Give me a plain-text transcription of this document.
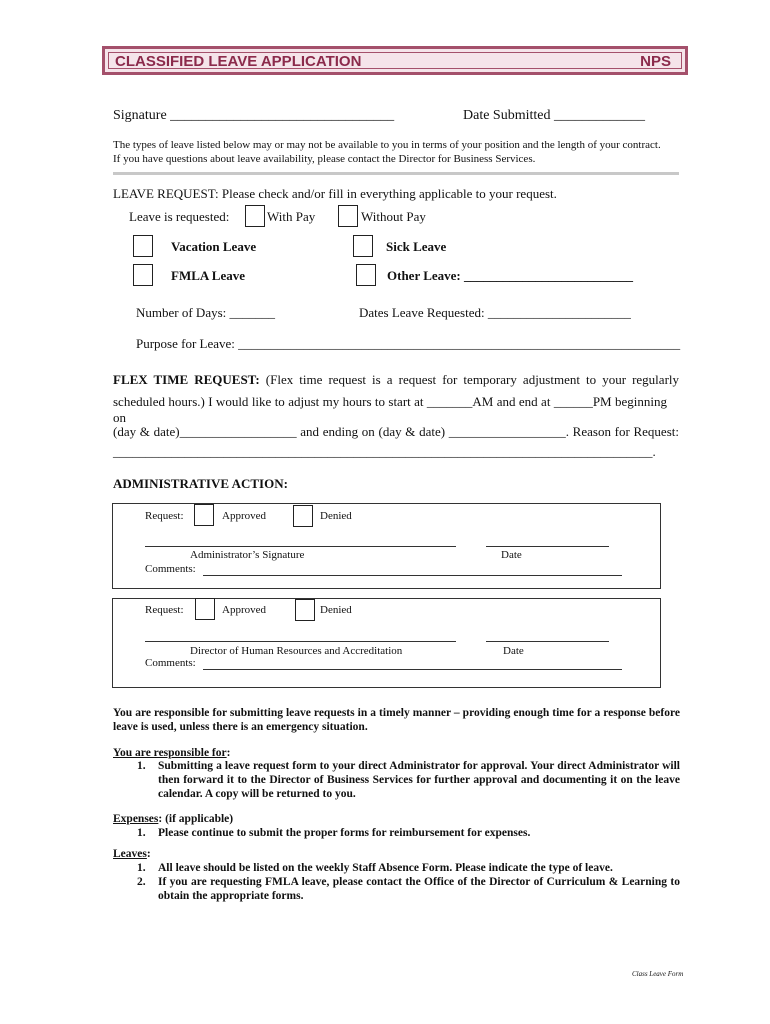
CLASSIFIED LEAVE APPLICATION	NPS
Signature ________________________________	Date Submitted _____________
The types of leave listed below may or may not be available to you in terms of your position and the length of your contract.
If you have questions about leave availability, please contact the Director for Business Services.
LEAVE REQUEST: Please check and/or fill in everything applicable to your request.
Leave is requested:	With Pay	Without Pay
Vacation Leave	Sick Leave
FMLA Leave	Other Leave: __________________________
Number of Days: _______	Dates Leave Requested: ______________________
Purpose for Leave: ____________________________________________________________________
FLEX TIME REQUEST: (Flex time request is a request for temporary adjustment to your regularly
scheduled hours.) I would like to adjust my hours to start at _______AM and end at ______PM beginning on
(day & date)__________________ and ending on (day & date) __________________. Reason for Request:
___________________________________________________________________________________.
ADMINISTRATIVE ACTION:
Request:	Approved	Denied
Administrator’s Signature	Date
Comments:
Request:	Approved	Denied
Director of Human Resources and Accreditation	Date
Comments:
You are responsible for submitting leave requests in a timely manner – providing enough time for a response before
leave is used, unless there is an emergency situation.
You are responsible for:
1. Submitting a leave request form to your direct Administrator for approval. Your direct Administrator will
then forward it to the Director of Business Services for further approval and documenting it on the leave
calendar. A copy will be returned to you.
Expenses: (if applicable)
1. Please continue to submit the proper forms for reimbursement for expenses.
Leaves:
1. All leave should be listed on the weekly Staff Absence Form. Please indicate the type of leave.
2. If you are requesting FMLA leave, please contact the Office of the Director of Curriculum & Learning to
obtain the appropriate forms.
Class Leave Form
